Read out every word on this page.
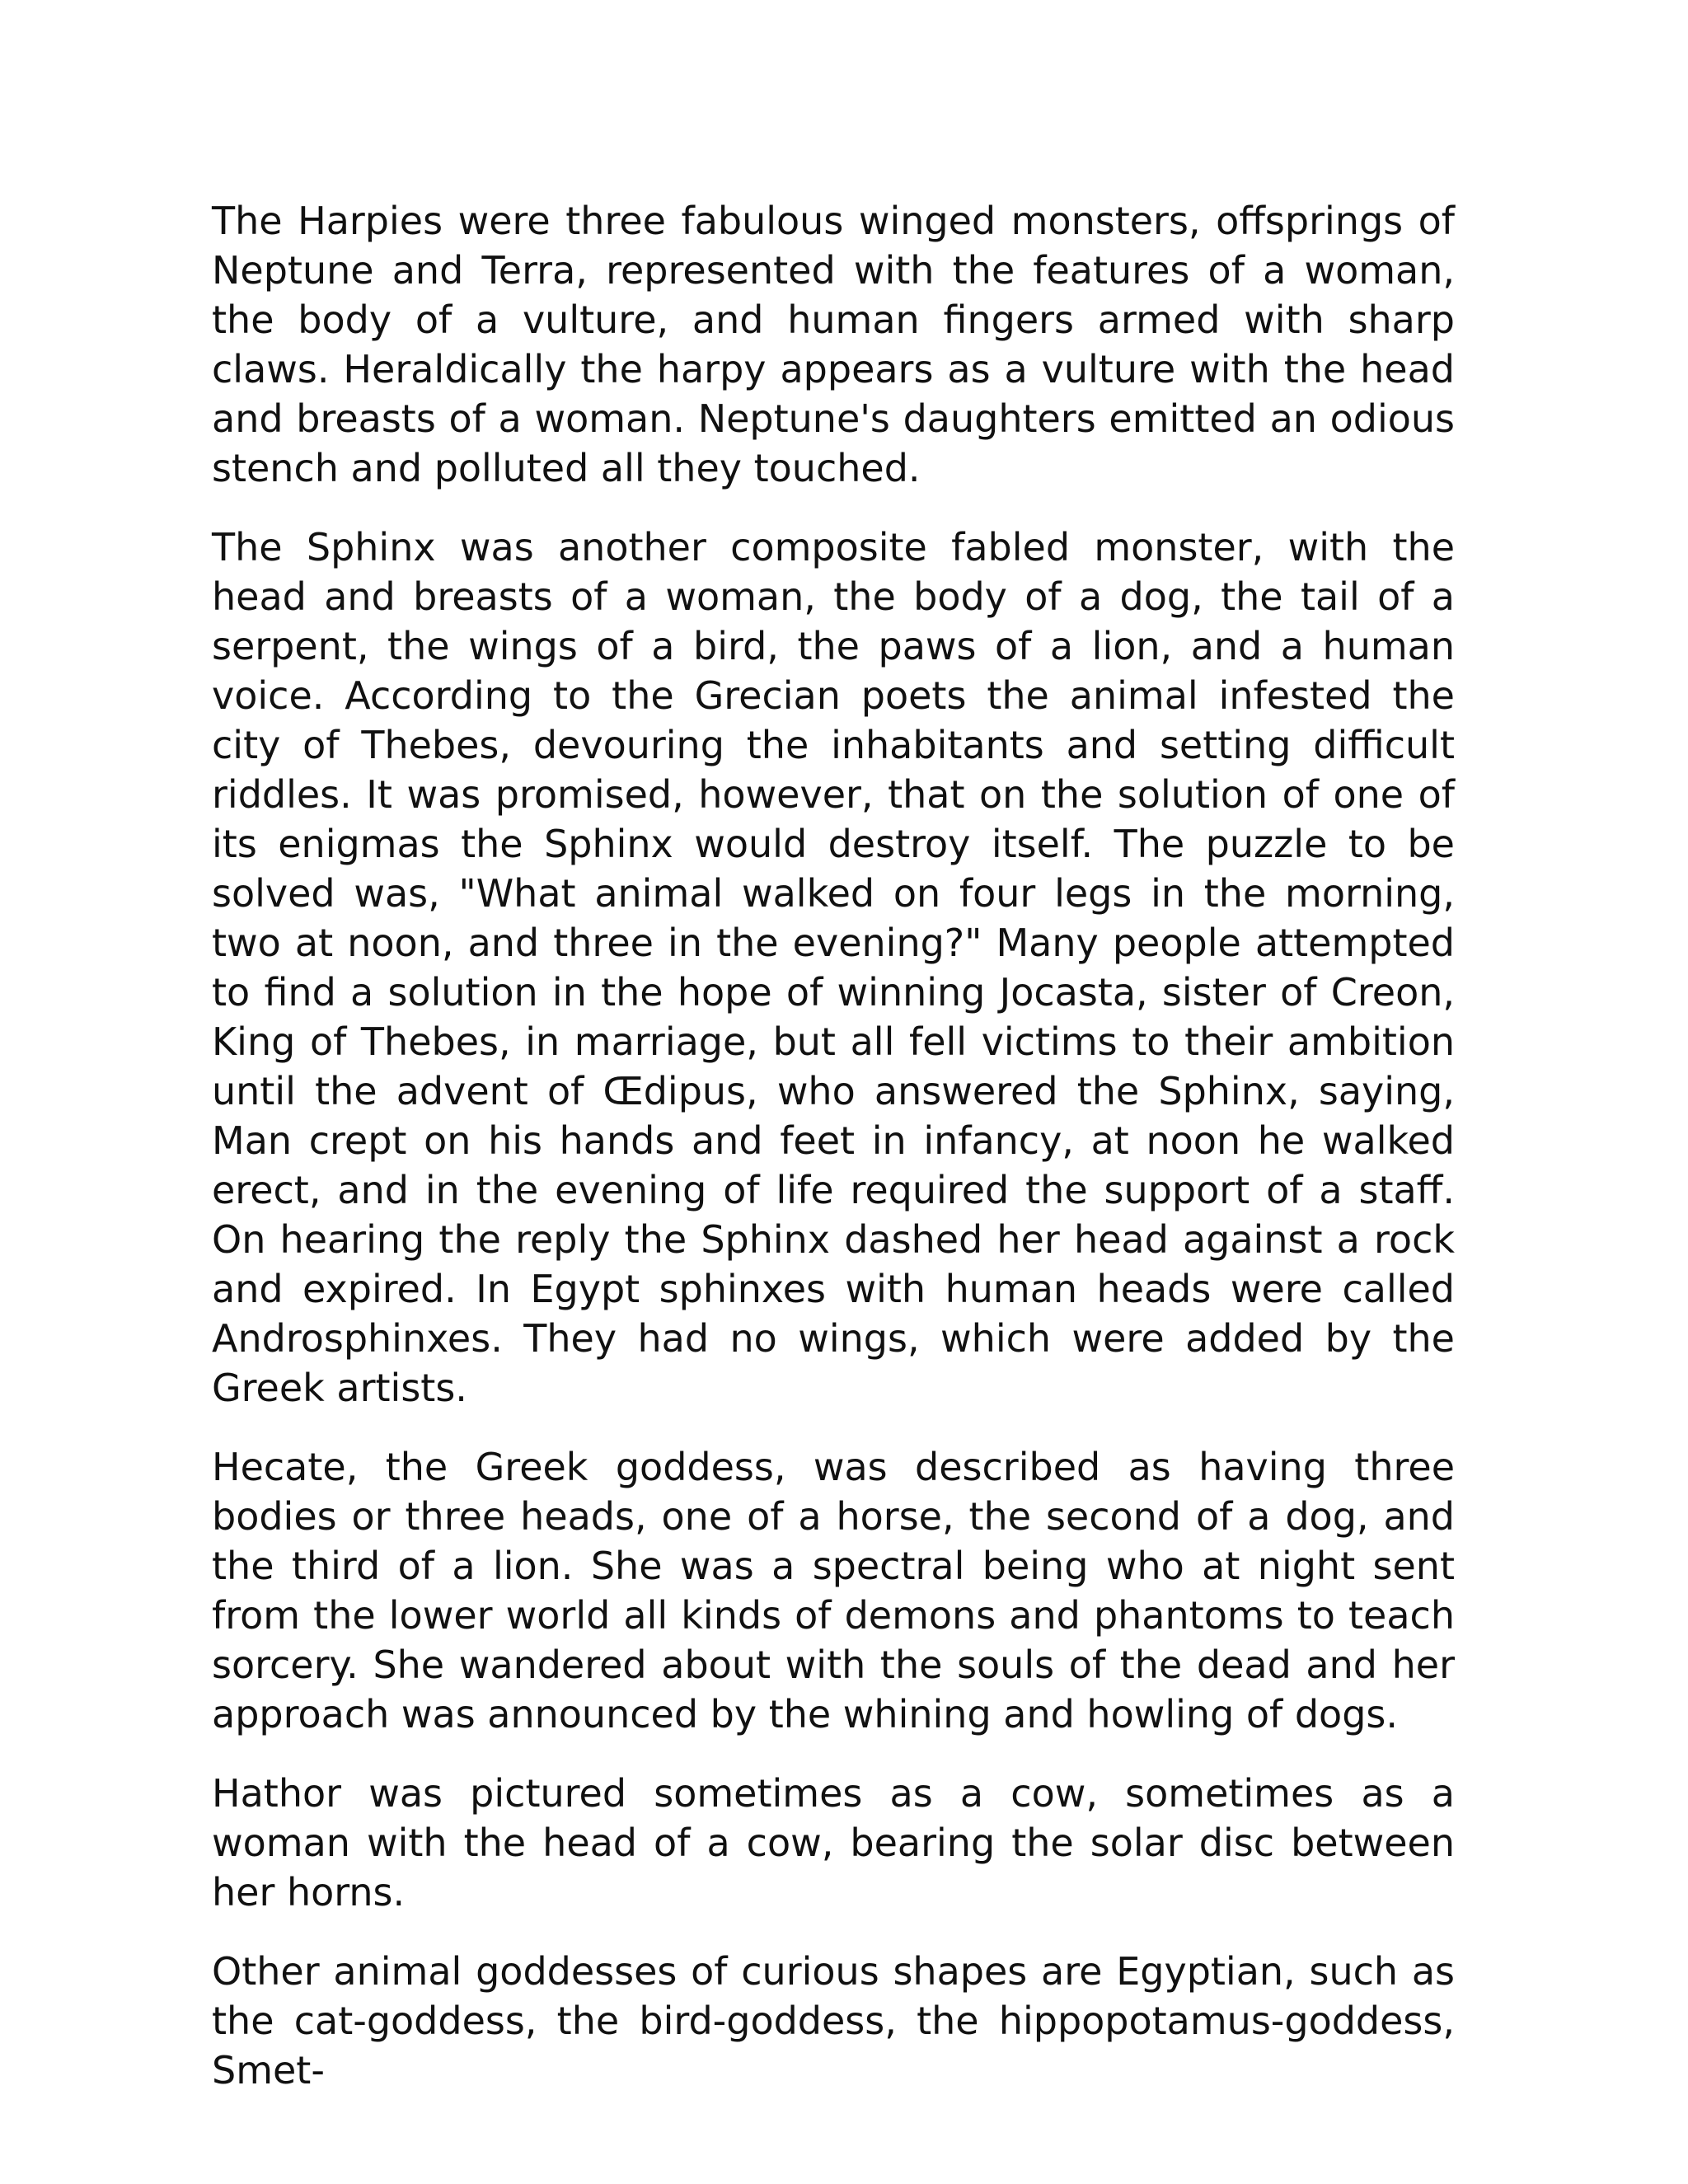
The Harpies were three fabulous winged monsters, offsprings of Neptune and Terra, represented with the features of a woman, the body of a vulture, and human fingers armed with sharp claws. Heraldically the harpy appears as a vulture with the head and breasts of a woman. Neptune's daughters emitted an odious stench and polluted all they touched.

The Sphinx was another composite fabled monster, with the head and breasts of a woman, the body of a dog, the tail of a serpent, the wings of a bird, the paws of a lion, and a human voice. According to the Grecian poets the animal infested the city of Thebes, devouring the inhabitants and setting difficult riddles. It was promised, however, that on the solution of one of its enigmas the Sphinx would destroy itself. The puzzle to be solved was, "What animal walked on four legs in the morning, two at noon, and three in the evening?" Many people attempted to find a solution in the hope of winning Jocasta, sister of Creon, King of Thebes, in marriage, but all fell victims to their ambition until the advent of Œdipus, who answered the Sphinx, saying, Man crept on his hands and feet in infancy, at noon he walked erect, and in the evening of life required the support of a staff. On hearing the reply the Sphinx dashed her head against a rock and expired. In Egypt sphinxes with human heads were called Androsphinxes. They had no wings, which were added by the Greek artists.

Hecate, the Greek goddess, was described as having three bodies or three heads, one of a horse, the second of a dog, and the third of a lion. She was a spectral being who at night sent from the lower world all kinds of demons and phantoms to teach sorcery. She wandered about with the souls of the dead and her approach was announced by the whining and howling of dogs.

Hathor was pictured sometimes as a cow, sometimes as a woman with the head of a cow, bearing the solar disc between her horns.

Other animal goddesses of curious shapes are Egyptian, such as the cat-goddess, the bird-goddess, the hippopotamus-goddess, Smet-
